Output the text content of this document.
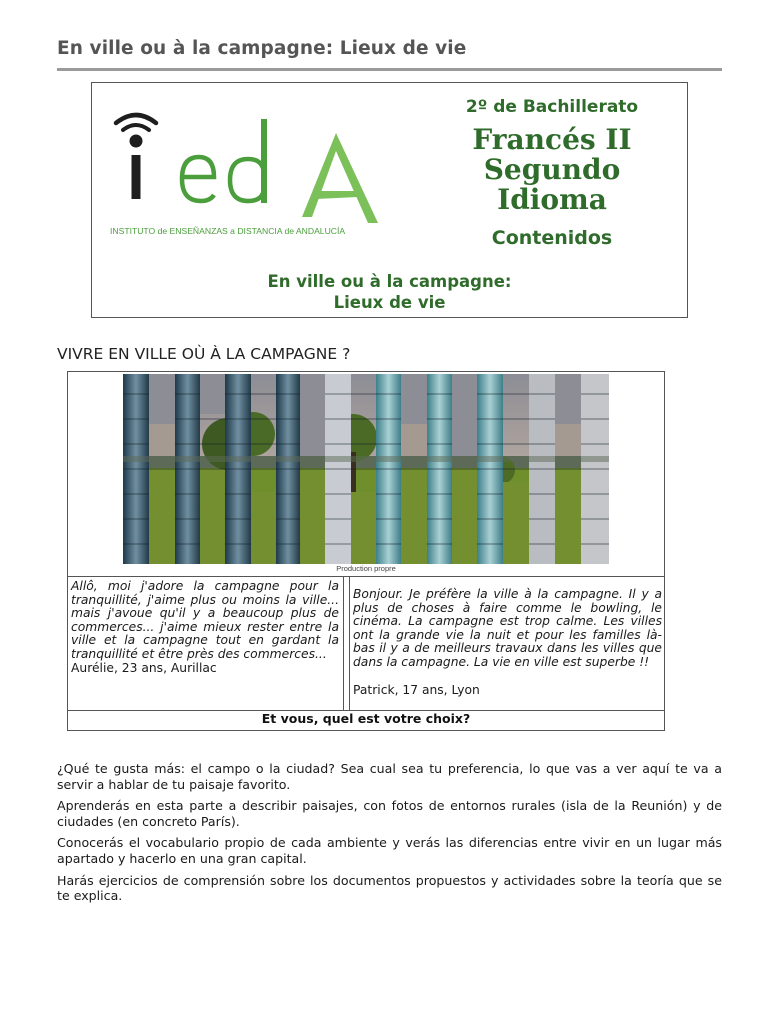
En ville ou à la campagne: Lieux de vie
INSTITUTO de ENSEÑANZAS a DISTANCIA de ANDALUCÍA
2º de Bachillerato
Francés II
Segundo
Idioma
Contenidos
En ville ou à la campagne:
Lieux de vie
VIVRE EN VILLE OÙ À LA CAMPAGNE ?
Production propre
Allô, moi j'adore la campagne pour la tranquillité, j'aime plus ou moins la ville... mais j'avoue qu'il y a beaucoup plus de commerces... j'aime mieux rester entre la ville et la campagne tout en gardant la tranquillité et être près des commerces...
Aurélie, 23 ans, Aurillac
Bonjour. Je préfère la ville à la campagne. Il y a plus de choses à faire comme le bowling, le cinéma. La campagne est trop calme. Les villes ont la grande vie la nuit et pour les familles là-bas il y a de meilleurs travaux dans les villes que dans la campagne. La vie en ville est superbe !!
Patrick, 17 ans, Lyon
Et vous, quel est votre choix?

¿Qué te gusta más: el campo o la ciudad? Sea cual sea tu preferencia, lo que vas a ver aquí te va a servir a hablar de tu paisaje favorito.

Aprenderás en esta parte a describir paisajes, con fotos de entornos rurales (isla de la Reunión) y de ciudades (en concreto París).

Conocerás el vocabulario propio de cada ambiente y verás las diferencias entre vivir en un lugar más apartado y hacerlo en una gran capital.

Harás ejercicios de comprensión sobre los documentos propuestos y actividades sobre la teoría que se te explica.
